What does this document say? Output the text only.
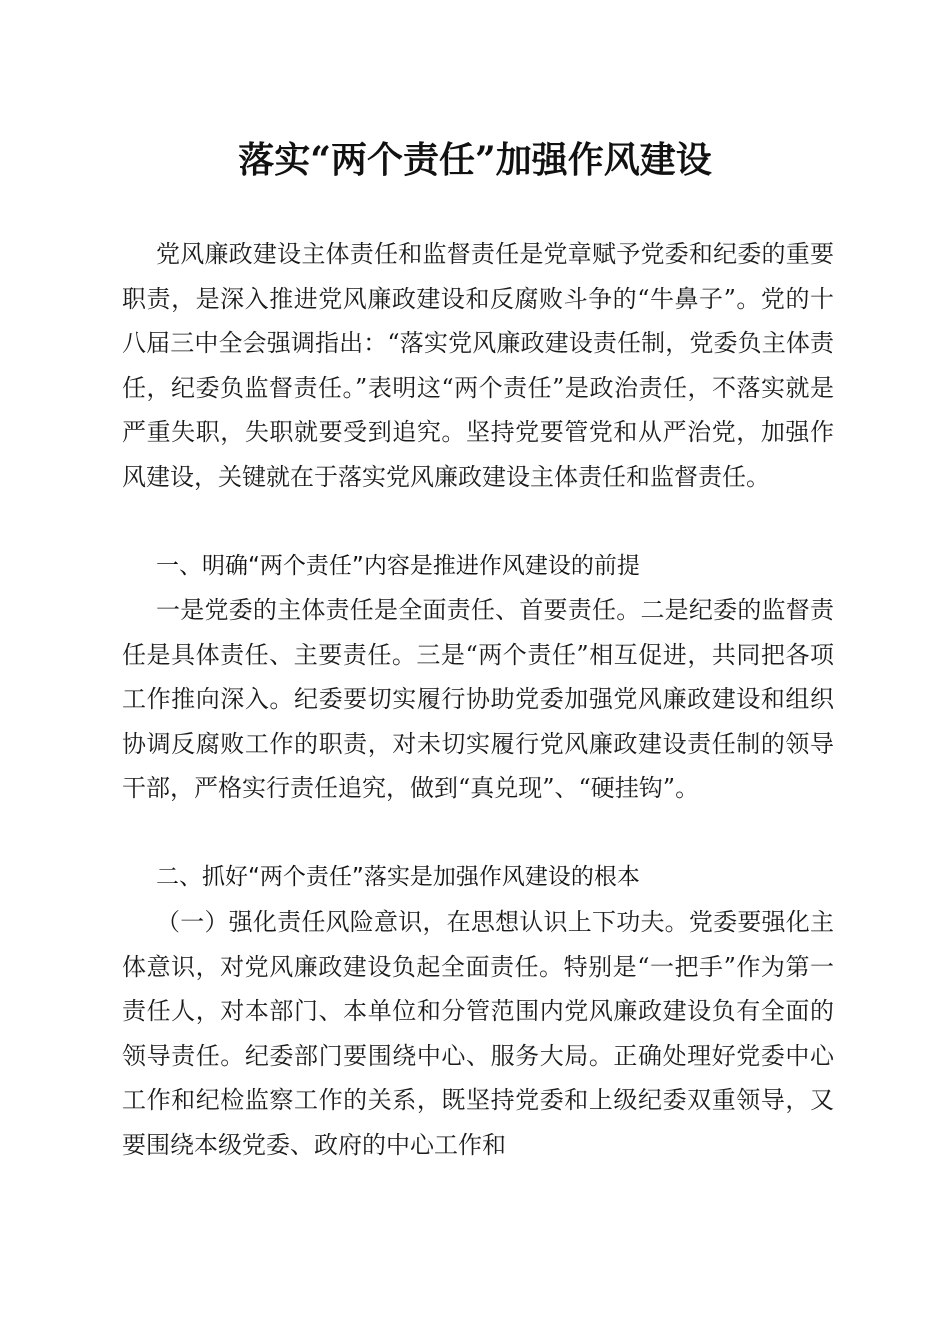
落实“两个责任”加强作风建设

党风廉政建设主体责任和监督责任是党章赋予党委和纪委的重要职责，是深入推进党风廉政建设和反腐败斗争的“牛鼻子”。党的十八届三中全会强调指出：“落实党风廉政建设责任制，党委负主体责任，纪委负监督责任。”表明这“两个责任”是政治责任，不落实就是严重失职，失职就要受到追究。坚持党要管党和从严治党，加强作风建设，关键就在于落实党风廉政建设主体责任和监督责任。

一、明确“两个责任”内容是推进作风建设的前提

一是党委的主体责任是全面责任、首要责任。二是纪委的监督责任是具体责任、主要责任。三是“两个责任”相互促进，共同把各项工作推向深入。纪委要切实履行协助党委加强党风廉政建设和组织协调反腐败工作的职责，对未切实履行党风廉政建设责任制的领导干部，严格实行责任追究，做到“真兑现”、“硬挂钩”。

二、抓好“两个责任”落实是加强作风建设的根本

（一）强化责任风险意识，在思想认识上下功夫。党委要强化主体意识，对党风廉政建设负起全面责任。特别是“一把手”作为第一责任人，对本部门、本单位和分管范围内党风廉政建设负有全面的领导责任。纪委部门要围绕中心、服务大局。正确处理好党委中心工作和纪检监察工作的关系，既坚持党委和上级纪委双重领导，又要围绕本级党委、政府的中心工作和
